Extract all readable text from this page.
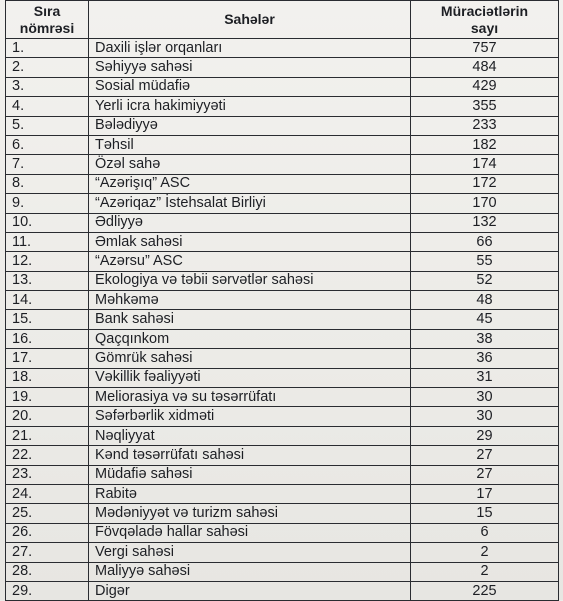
Sıra
nömrəsi	Sahələr	Müraciətlərin
sayı
1.	Daxili işlər orqanları	757
2.	Səhiyyə sahəsi	484
3.	Sosial müdafiə	429
4.	Yerli icra hakimiyyəti	355
5.	Bələdiyyə	233
6.	Təhsil	182
7.	Özəl sahə	174
8.	“Azərişıq” ASC	172
9.	“Azəriqaz” İstehsalat Birliyi	170
10.	Ədliyyə	132
11.	Əmlak sahəsi	66
12.	“Azərsu” ASC	55
13.	Ekologiya və təbii sərvətlər sahəsi	52
14.	Məhkəmə	48
15.	Bank sahəsi	45
16.	Qaçqınkom	38
17.	Gömrük sahəsi	36
18.	Vəkillik fəaliyyəti	31
19.	Meliorasiya və su təsərrüfatı	30
20.	Səfərbərlik xidməti	30
21.	Nəqliyyat	29
22.	Kənd təsərrüfatı sahəsi	27
23.	Müdafiə sahəsi	27
24.	Rabitə	17
25.	Mədəniyyət və turizm sahəsi	15
26.	Fövqəladə hallar sahəsi	6
27.	Vergi sahəsi	2
28.	Maliyyə sahəsi	2
29.	Digər	225
